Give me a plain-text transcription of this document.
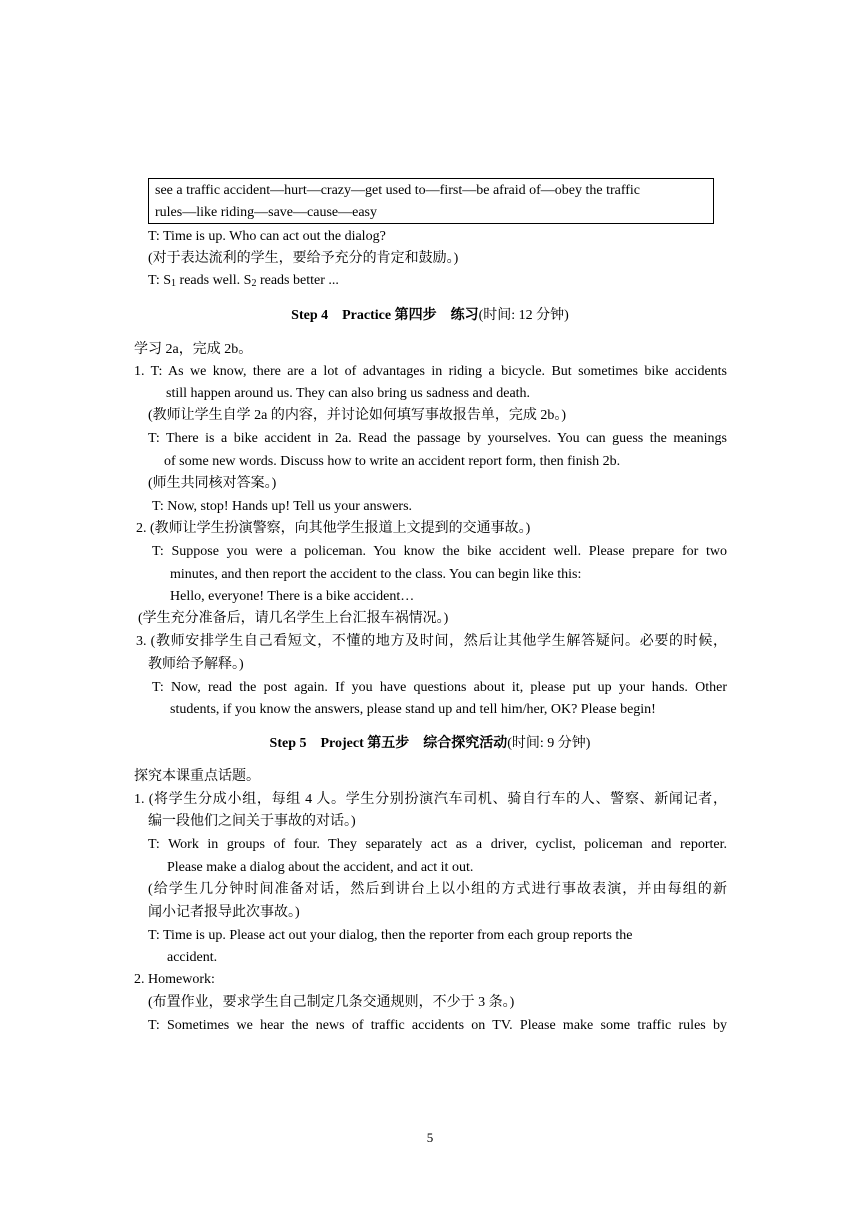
see a traffic accident—hurt—crazy—get used to—first—be afraid of—obey the traffic
rules—like riding—save—cause—easy
T: Time is up. Who can act out the dialog?
(对于表达流利的学生，要给予充分的肯定和鼓励。)
T: $S_1$ reads well. $S_2$ reads better ...
Step 4　Practice 第四步　练习(时间: 12 分钟)
学习 2a，完成 2b。
1. T: As we know, there are a lot of advantages in riding a bicycle. But sometimes bike accidents
still happen around us. They can also bring us sadness and death.
(教师让学生自学 2a 的内容，并讨论如何填写事故报告单，完成 2b。)
T: There is a bike accident in 2a. Read the passage by yourselves. You can guess the meanings
of some new words. Discuss how to write an accident report form, then finish 2b.
(师生共同核对答案。)
T: Now, stop! Hands up! Tell us your answers.
2. (教师让学生扮演警察，向其他学生报道上文提到的交通事故。)
T: Suppose you were a policeman. You know the bike accident well. Please prepare for two
minutes, and then report the accident to the class. You can begin like this:
Hello, everyone! There is a bike accident…
(学生充分准备后，请几名学生上台汇报车祸情况。)
3. (教师安排学生自己看短文，不懂的地方及时间，然后让其他学生解答疑问。必要的时候，
教师给予解释。)
T: Now, read the post again. If you have questions about it, please put up your hands. Other
students, if you know the answers, please stand up and tell him/her, OK? Please begin!
Step 5　Project 第五步　综合探究活动(时间: 9 分钟)
探究本课重点话题。
1. (将学生分成小组，每组 4 人。学生分别扮演汽车司机、骑自行车的人、警察、新闻记者，
编一段他们之间关于事故的对话。)
T: Work in groups of four. They separately act as a driver, cyclist, policeman and reporter.
Please make a dialog about the accident, and act it out.
(给学生几分钟时间准备对话，然后到讲台上以小组的方式进行事故表演，并由每组的新
闻小记者报导此次事故。)
T: Time is up. Please act out your dialog, then the reporter from each group reports the
accident.
2. Homework:
(布置作业，要求学生自己制定几条交通规则，不少于 3 条。)
T: Sometimes we hear the news of traffic accidents on TV. Please make some traffic rules by
5
